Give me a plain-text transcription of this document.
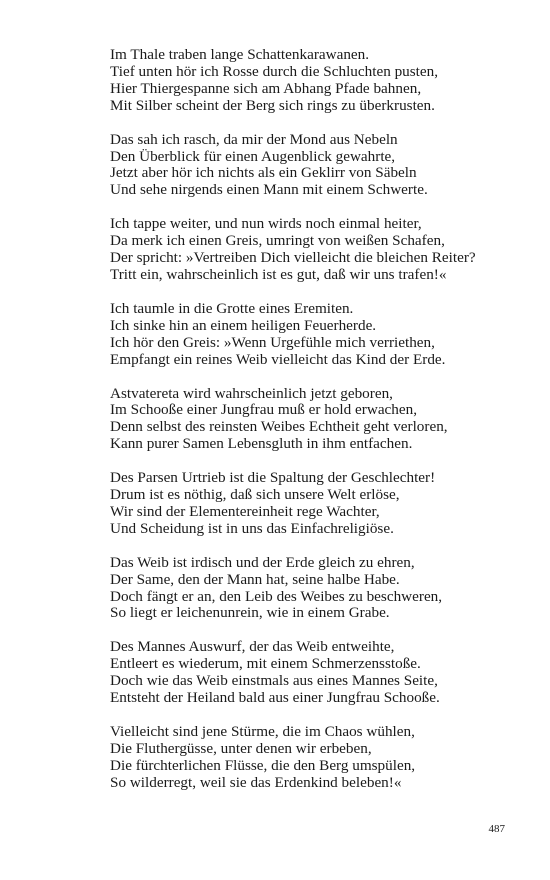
Im Thale traben lange Schattenkarawanen.
Tief unten hör ich Rosse durch die Schluchten pusten,
Hier Thiergespanne sich am Abhang Pfade bahnen,
Mit Silber scheint der Berg sich rings zu überkrusten.
Das sah ich rasch, da mir der Mond aus Nebeln
Den Überblick für einen Augenblick gewahrte,
Jetzt aber hör ich nichts als ein Geklirr von Säbeln
Und sehe nirgends einen Mann mit einem Schwerte.
Ich tappe weiter, und nun wirds noch einmal heiter,
Da merk ich einen Greis, umringt von weißen Schafen,
Der spricht: »Vertreiben Dich vielleicht die bleichen Reiter?
Tritt ein, wahrscheinlich ist es gut, daß wir uns trafen!«
Ich taumle in die Grotte eines Eremiten.
Ich sinke hin an einem heiligen Feuerherde.
Ich hör den Greis: »Wenn Urgefühle mich verriethen,
Empfangt ein reines Weib vielleicht das Kind der Erde.
Astvatereta wird wahrscheinlich jetzt geboren,
Im Schooße einer Jungfrau muß er hold erwachen,
Denn selbst des reinsten Weibes Echtheit geht verloren,
Kann purer Samen Lebensgluth in ihm entfachen.
Des Parsen Urtrieb ist die Spaltung der Geschlechter!
Drum ist es nöthig, daß sich unsere Welt erlöse,
Wir sind der Elementereinheit rege Wachter,
Und Scheidung ist in uns das Einfachreligiöse.
Das Weib ist irdisch und der Erde gleich zu ehren,
Der Same, den der Mann hat, seine halbe Habe.
Doch fängt er an, den Leib des Weibes zu beschweren,
So liegt er leichenunrein, wie in einem Grabe.
Des Mannes Auswurf, der das Weib entweihte,
Entleert es wiederum, mit einem Schmerzensstoße.
Doch wie das Weib einstmals aus eines Mannes Seite,
Entsteht der Heiland bald aus einer Jungfrau Schooße.
Vielleicht sind jene Stürme, die im Chaos wühlen,
Die Fluthergüsse, unter denen wir erbeben,
Die fürchterlichen Flüsse, die den Berg umspülen,
So wilderregt, weil sie das Erdenkind beleben!«
487
